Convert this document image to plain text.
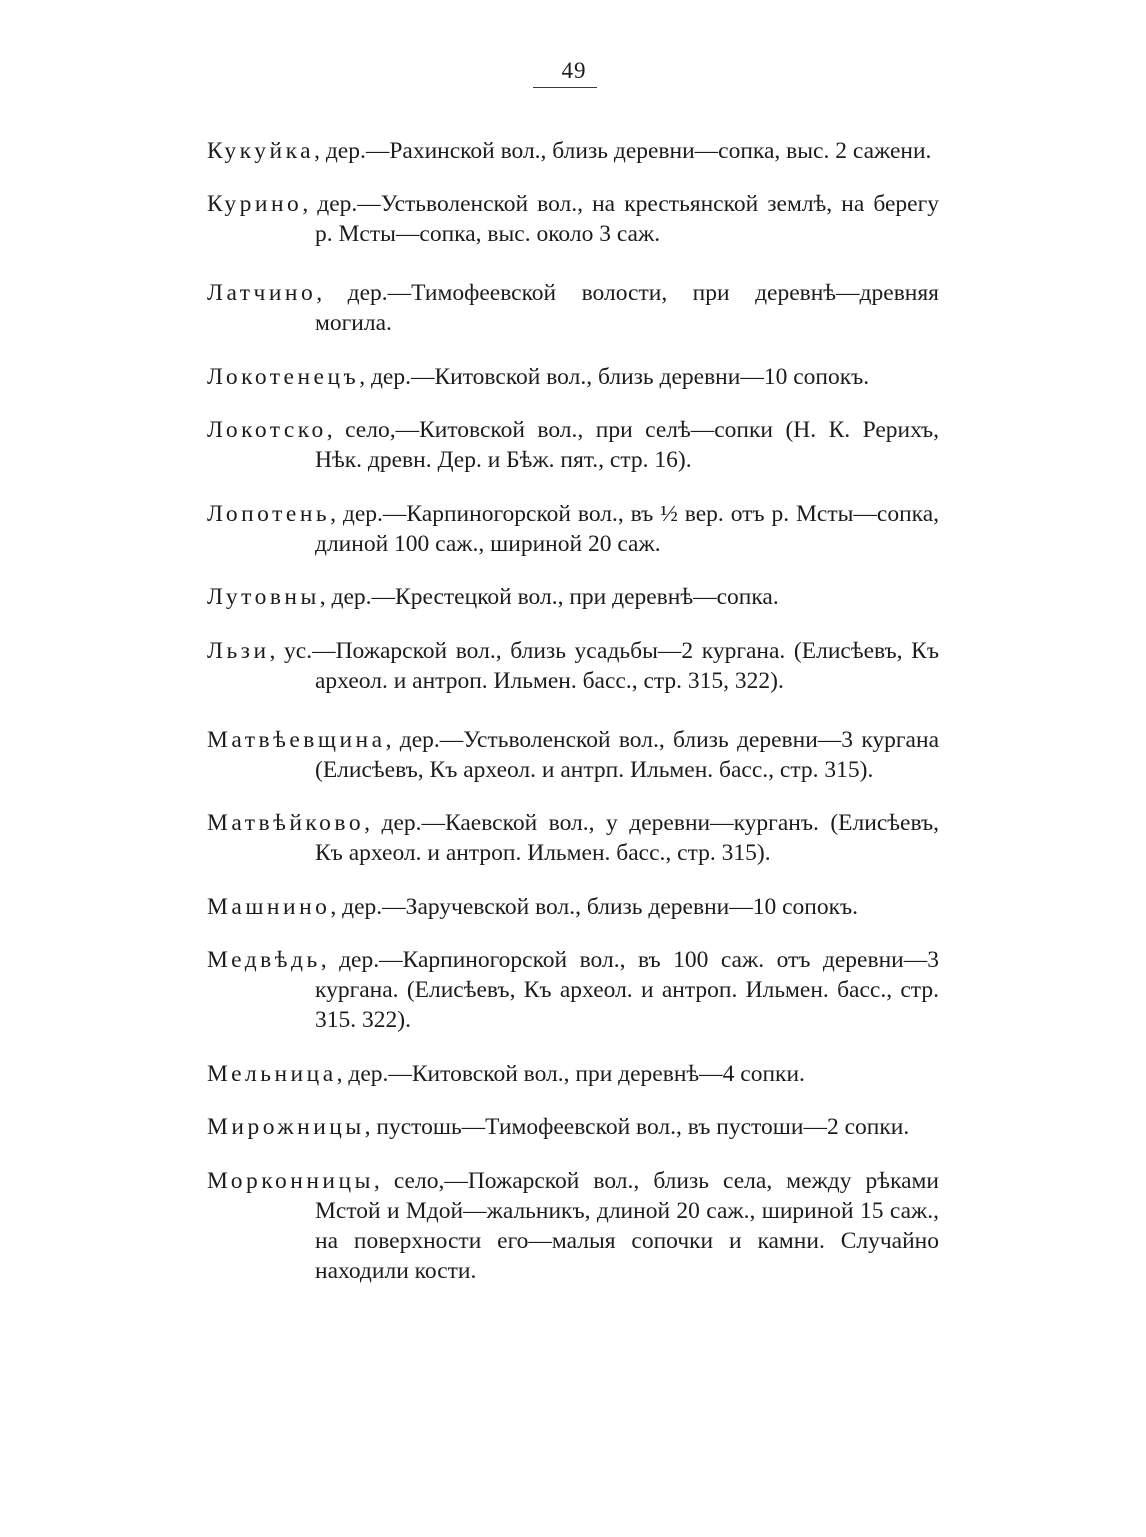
49

Кукуйка, дер.—Рахинской вол., близь деревни—сопка, выс. 2 сажени.

Курино, дер.—Устьволенской вол., на крестьянской землѣ, на берегу р. Мсты—сопка, выс. около 3 саж.

Латчино, дер.—Тимофеевской волости, при деревнѣ—древняя могила.

Локотенецъ, дер.—Китовской вол., близь деревни—10 сопокъ.

Локотско, село,—Китовской вол., при селѣ—сопки (Н. К. Рерихъ, Нѣк. древн. Дер. и Бѣж. пят., стр. 16).

Лопотень, дер.—Карпиногорской вол., въ ½ вер. отъ р. Мсты—сопка, длиной 100 саж., шириной 20 саж.

Лутовны, дер.—Крестецкой вол., при деревнѣ—сопка.

Льзи, ус.—Пожарской вол., близь усадьбы—2 кургана. (Елисѣевъ, Къ археол. и антроп. Ильмен. басс., стр. 315, 322).

Матвѣевщина, дер.—Устьволенской вол., близь деревни—3 кургана (Елисѣевъ, Къ археол. и антрп. Ильмен. басс., стр. 315).

Матвѣйково, дер.—Каевской вол., у деревни—курганъ. (Елисѣевъ, Къ археол. и антроп. Ильмен. басс., стр. 315).

Машнино, дер.—Заручевской вол., близь деревни—10 сопокъ.

Медвѣдь, дер.—Карпиногорской вол., въ 100 саж. отъ деревни—3 кургана. (Елисѣевъ, Къ археол. и антроп. Ильмен. басс., стр. 315. 322).

Мельница, дер.—Китовской вол., при деревнѣ—4 сопки.

Мирожницы, пустошь—Тимофеевской вол., въ пустоши—2 сопки.

Морконницы, село,—Пожарской вол., близь села, между рѣками Мстой и Мдой—жальникъ, длиной 20 саж., шириной 15 саж., на поверхности его—малыя сопочки и камни. Случайно находили кости.
